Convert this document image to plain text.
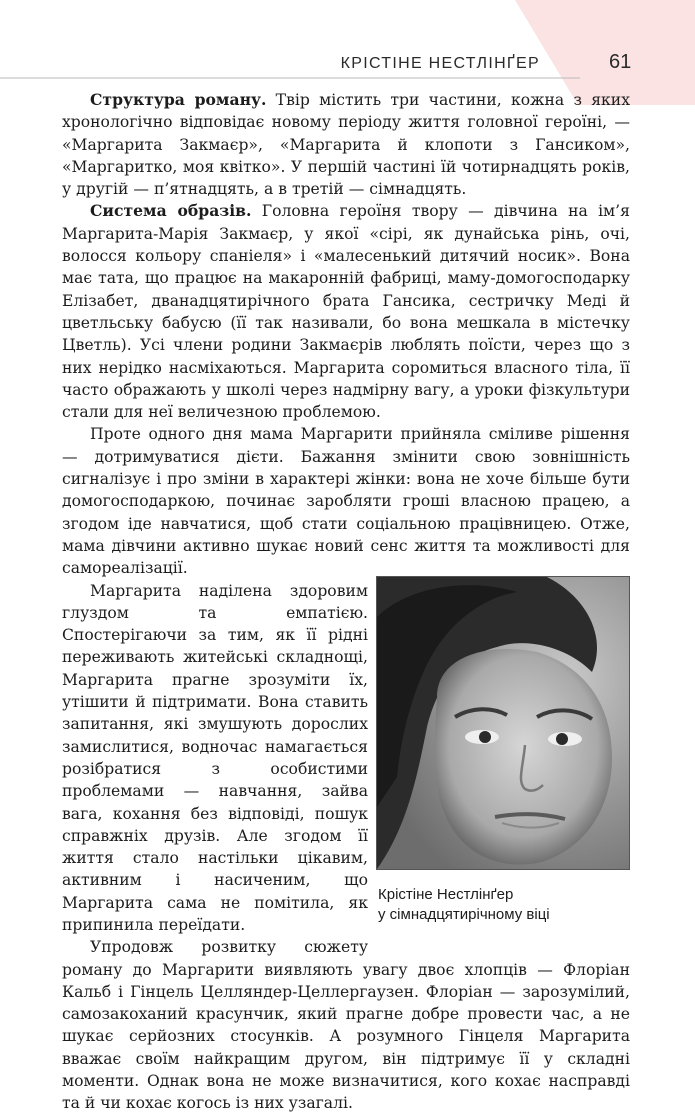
КРІСТІНЕ НЕСТЛІНҐЕР	61

Структура роману. Твір містить три частини, кожна з яких хронологічно відповідає новому періоду життя головної героїні, — «Маргарита Закмаєр», «Маргарита й клопоти з Гансиком», «Маргаритко, моя квітко». У першій частині їй чотирнадцять років, у другій — п’ятнадцять, а в третій — сімнадцять.

Система образів. Головна героїня твору — дівчина на ім’я Маргарита-Марія Закмаєр, у якої «сірі, як дунайська рінь, очі, волосся кольору спаніеля» і «малесенький дитячий носик». Вона має тата, що працює на макаронній фабриці, маму-домогосподарку Елізабет, дванадцятирічного брата Гансика, сестричку Меді й цветльську бабусю (її так називали, бо вона мешкала в містечку Цветль). Усі члени родини Закмаєрів люблять поїсти, через що з них нерідко насміхаються. Маргарита соромиться власного тіла, її часто ображають у школі через надмірну вагу, а уроки фізкультури стали для неї величезною проблемою.

Проте одного дня мама Маргарити прийняла сміливе рішення — дотримуватися дієти. Бажання змінити свою зовнішність сигналізує і про зміни в характері жінки: вона не хоче більше бути домогосподаркою, починає заробляти гроші власною працею, а згодом іде навчатися, щоб стати соціальною працівницею. Отже, мама дівчини активно шукає новий сенс життя та можливості для самореалізації.

Маргарита наділена здоровим глуздом та емпатією. Спостерігаючи за тим, як її рідні переживають житейські складнощі, Маргарита прагне зрозуміти їх, утішити й підтримати. Вона ставить запитання, які змушують дорослих замислитися, водночас намагається розібратися з особистими проблемами — навчання, зайва вага, кохання без відповіді, пошук справжніх друзів. Але згодом її життя стало настільки цікавим, активним і насиченим, що Маргарита сама не помітила, як припинила переїдати.

Упродовж розвитку сюжету роману до Маргарити виявляють увагу двоє хлопців — Флоріан Кальб і Гінцель Целляндер-Целлергаузен. Флоріан — зарозумілий, самозакоханий красунчик, який прагне добре провести час, а не шукає серйозних стосунків. А розумного Гінцеля Маргарита вважає своїм найкращим другом, він підтримує її у складні моменти. Однак вона не може визначитися, кого кохає насправді та й чи кохає когось із них узагалі.

Крістіне Нестлінґер
у сімнадцятирічному віці
